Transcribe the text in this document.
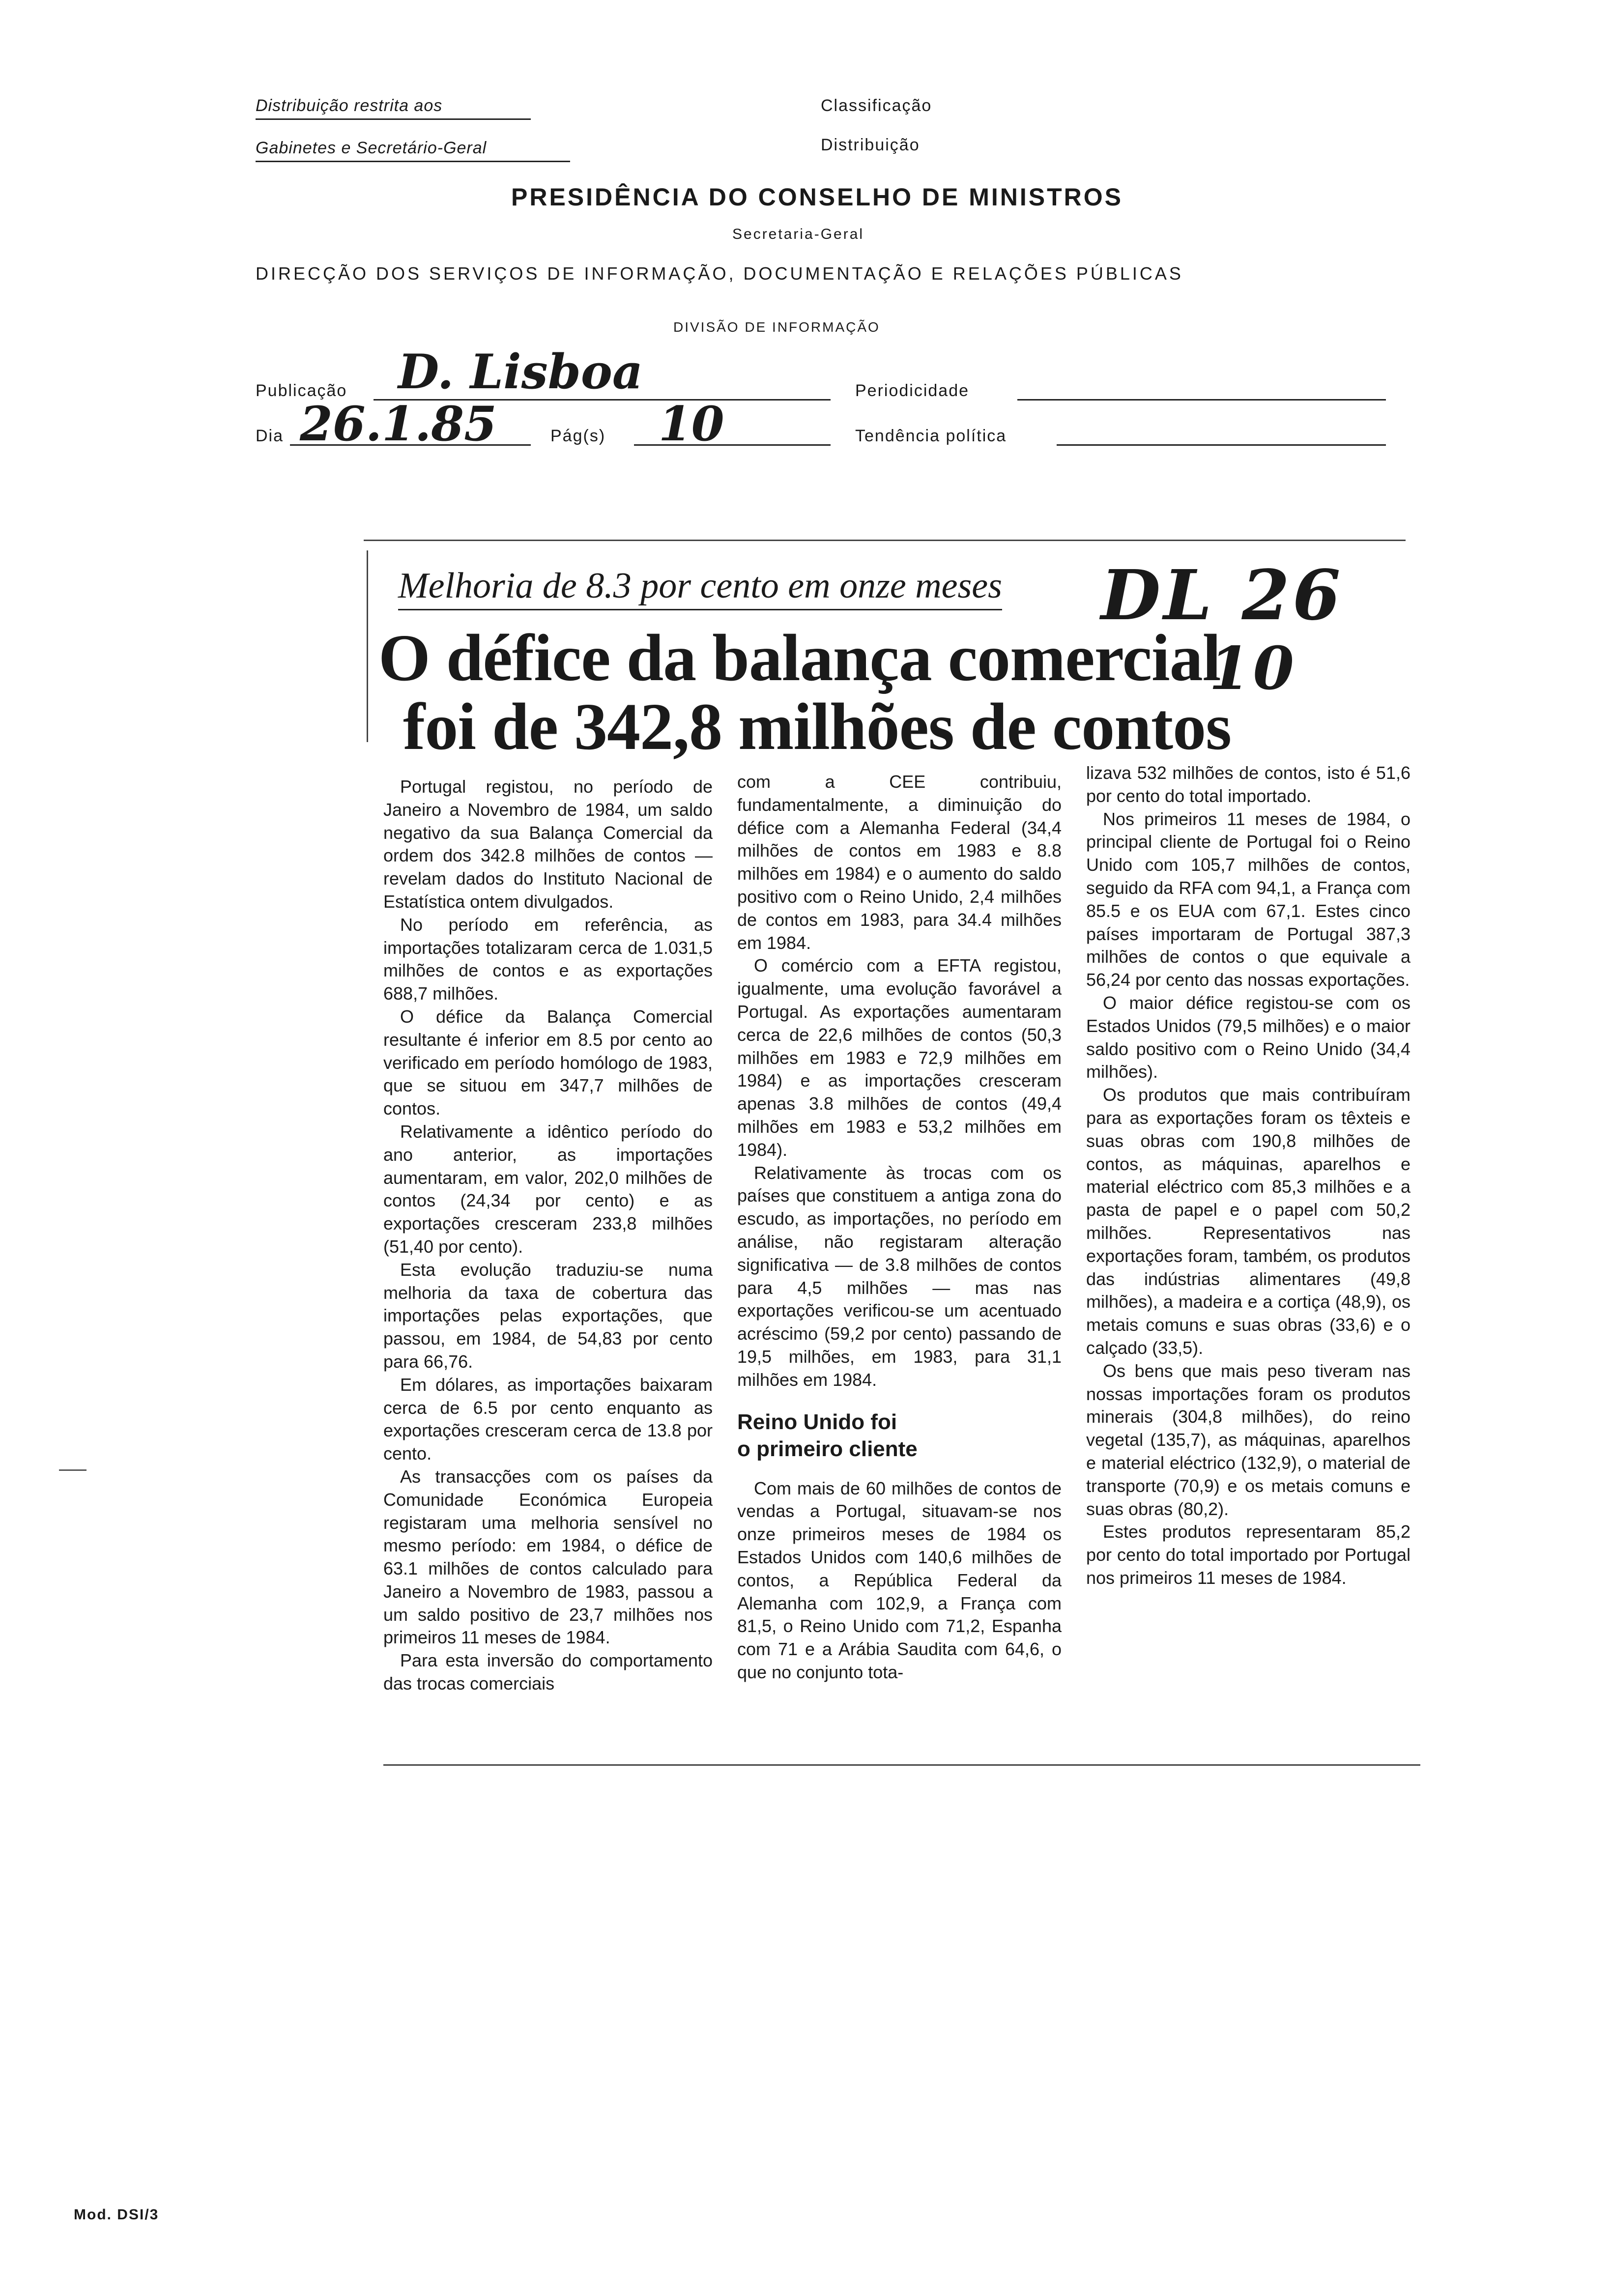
Distribuição restrita aos
Gabinetes e Secretário-Geral
Classificação
Distribuição
PRESIDÊNCIA DO CONSELHO DE MINISTROS
Secretaria-Geral
DIRECÇÃO DOS SERVIÇOS DE INFORMAÇÃO, DOCUMENTAÇÃO E RELAÇÕES PÚBLICAS
DIVISÃO DE INFORMAÇÃO
Publicação D. Lisboa	Periodicidade
Dia 26.1.85	Pág(s) 10	Tendência política
Melhoria de 8.3 por cento em onze meses
O défice da balança comercial
foi de 342,8 milhões de contos
DL 26
10

Portugal registou, no período de Janeiro a Novembro de 1984, um saldo negativo da sua Balança Comercial da ordem dos 342.8 milhões de contos — revelam dados do Instituto Nacional de Estatística ontem divulgados.

No período em referência, as importações totalizaram cerca de 1.031,5 milhões de contos e as exportações 688,7 milhões.

O défice da Balança Comercial resultante é inferior em 8.5 por cento ao verificado em período homólogo de 1983, que se situou em 347,7 milhões de contos.

Relativamente a idêntico período do ano anterior, as importações aumentaram, em valor, 202,0 milhões de contos (24,34 por cento) e as exportações cresceram 233,8 milhões (51,40 por cento).

Esta evolução traduziu-se numa melhoria da taxa de cobertura das importações pelas exportações, que passou, em 1984, de 54,83 por cento para 66,76.

Em dólares, as importações baixaram cerca de 6.5 por cento enquanto as exportações cresceram cerca de 13.8 por cento.

As transacções com os países da Comunidade Económica Europeia registaram uma melhoria sensível no mesmo período: em 1984, o défice de 63.1 milhões de contos calculado para Janeiro a Novembro de 1983, passou a um saldo positivo de 23,7 milhões nos primeiros 11 meses de 1984.

Para esta inversão do comportamento das trocas comerciais

com a CEE contribuiu, fundamentalmente, a diminuição do défice com a Alemanha Federal (34,4 milhões de contos em 1983 e 8.8 milhões em 1984) e o aumento do saldo positivo com o Reino Unido, 2,4 milhões de contos em 1983, para 34.4 milhões em 1984.

O comércio com a EFTA registou, igualmente, uma evolução favorável a Portugal. As exportações aumentaram cerca de 22,6 milhões de contos (50,3 milhões em 1983 e 72,9 milhões em 1984) e as importações cresceram apenas 3.8 milhões de contos (49,4 milhões em 1983 e 53,2 milhões em 1984).

Relativamente às trocas com os países que constituem a antiga zona do escudo, as importações, no período em análise, não registaram alteração significativa — de 3.8 milhões de contos para 4,5 milhões — mas nas exportações verificou-se um acentuado acréscimo (59,2 por cento) passando de 19,5 milhões, em 1983, para 31,1 milhões em 1984.

Reino Unido foi
o primeiro cliente

Com mais de 60 milhões de contos de vendas a Portugal, situavam-se nos onze primeiros meses de 1984 os Estados Unidos com 140,6 milhões de contos, a República Federal da Alemanha com 102,9, a França com 81,5, o Reino Unido com 71,2, Espanha com 71 e a Arábia Saudita com 64,6, o que no conjunto tota-

lizava 532 milhões de contos, isto é 51,6 por cento do total importado.

Nos primeiros 11 meses de 1984, o principal cliente de Portugal foi o Reino Unido com 105,7 milhões de contos, seguido da RFA com 94,1, a França com 85.5 e os EUA com 67,1. Estes cinco países importaram de Portugal 387,3 milhões de contos o que equivale a 56,24 por cento das nossas exportações.

O maior défice registou-se com os Estados Unidos (79,5 milhões) e o maior saldo positivo com o Reino Unido (34,4 milhões).

Os produtos que mais contribuíram para as exportações foram os têxteis e suas obras com 190,8 milhões de contos, as máquinas, aparelhos e material eléctrico com 85,3 milhões e a pasta de papel e o papel com 50,2 milhões. Representativos nas exportações foram, também, os produtos das indústrias alimentares (49,8 milhões), a madeira e a cortiça (48,9), os metais comuns e suas obras (33,6) e o calçado (33,5).

Os bens que mais peso tiveram nas nossas importações foram os produtos minerais (304,8 milhões), do reino vegetal (135,7), as máquinas, aparelhos e material eléctrico (132,9), o material de transporte (70,9) e os metais comuns e suas obras (80,2).

Estes produtos representaram 85,2 por cento do total importado por Portugal nos primeiros 11 meses de 1984.

Mod. DSI/3
